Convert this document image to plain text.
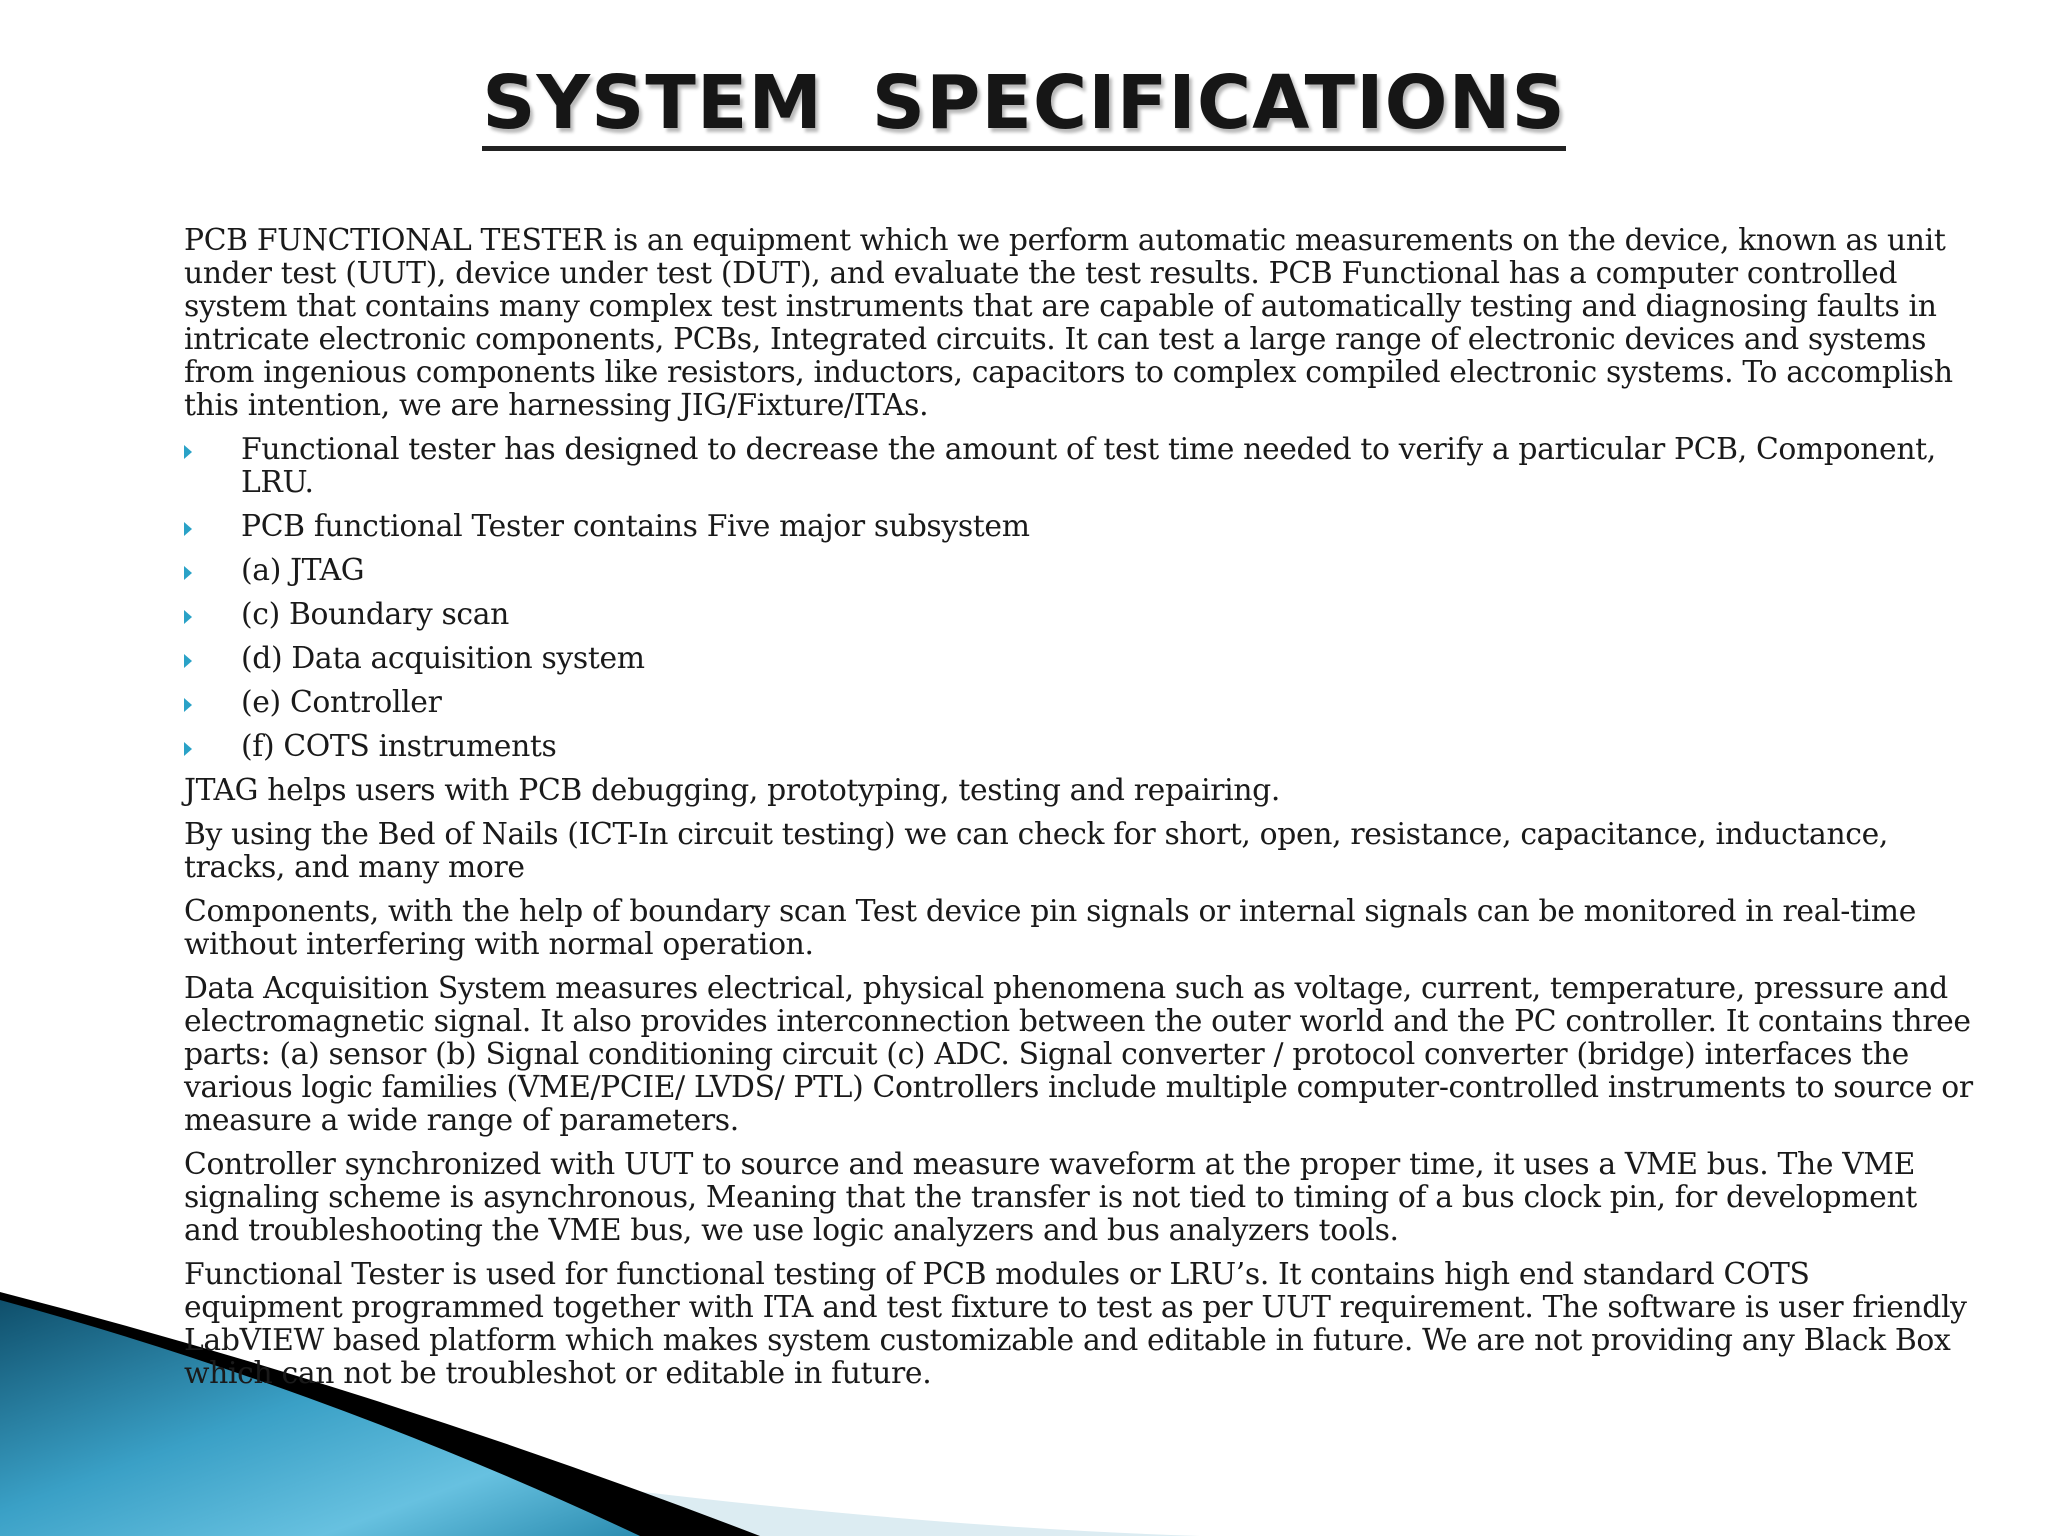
SYSTEM SPECIFICATIONS

PCB FUNCTIONAL TESTER is an equipment which we perform automatic measurements on the device, known as unit under test (UUT), device under test (DUT), and evaluate the test results. PCB Functional has a computer controlled system that contains many complex test instruments that are capable of automatically testing and diagnosing faults in intricate electronic components, PCBs, Integrated circuits. It can test a large range of electronic devices and systems from ingenious components like resistors, inductors, capacitors to complex compiled electronic systems. To accomplish this intention, we are harnessing JIG/Fixture/ITAs.

Functional tester has designed to decrease the amount of test time needed to verify a particular PCB, Component, LRU.
PCB functional Tester contains Five major subsystem
(a) JTAG
(c) Boundary scan
(d) Data acquisition system
(e) Controller
(f) COTS instruments

JTAG helps users with PCB debugging, prototyping, testing and repairing.

By using the Bed of Nails (ICT-In circuit testing) we can check for short, open, resistance, capacitance, inductance, tracks, and many more

Components, with the help of boundary scan Test device pin signals or internal signals can be monitored in real-time without interfering with normal operation.

Data Acquisition System measures electrical, physical phenomena such as voltage, current, temperature, pressure and electromagnetic signal. It also provides interconnection between the outer world and the PC controller. It contains three parts: (a) sensor (b) Signal conditioning circuit (c) ADC. Signal converter / protocol converter (bridge) interfaces the various logic families (VME/PCIE/ LVDS/ PTL) Controllers include multiple computer-controlled instruments to source or measure a wide range of parameters.

Controller synchronized with UUT to source and measure waveform at the proper time, it uses a VME bus. The VME signaling scheme is asynchronous, Meaning that the transfer is not tied to timing of a bus clock pin, for development and troubleshooting the VME bus, we use logic analyzers and bus analyzers tools.

Functional Tester is used for functional testing of PCB modules or LRU’s. It contains high end standard COTS equipment programmed together with ITA and test fixture to test as per UUT requirement. The software is user friendly LabVIEW based platform which makes system customizable and editable in future. We are not providing any Black Box which can not be troubleshot or editable in future.
